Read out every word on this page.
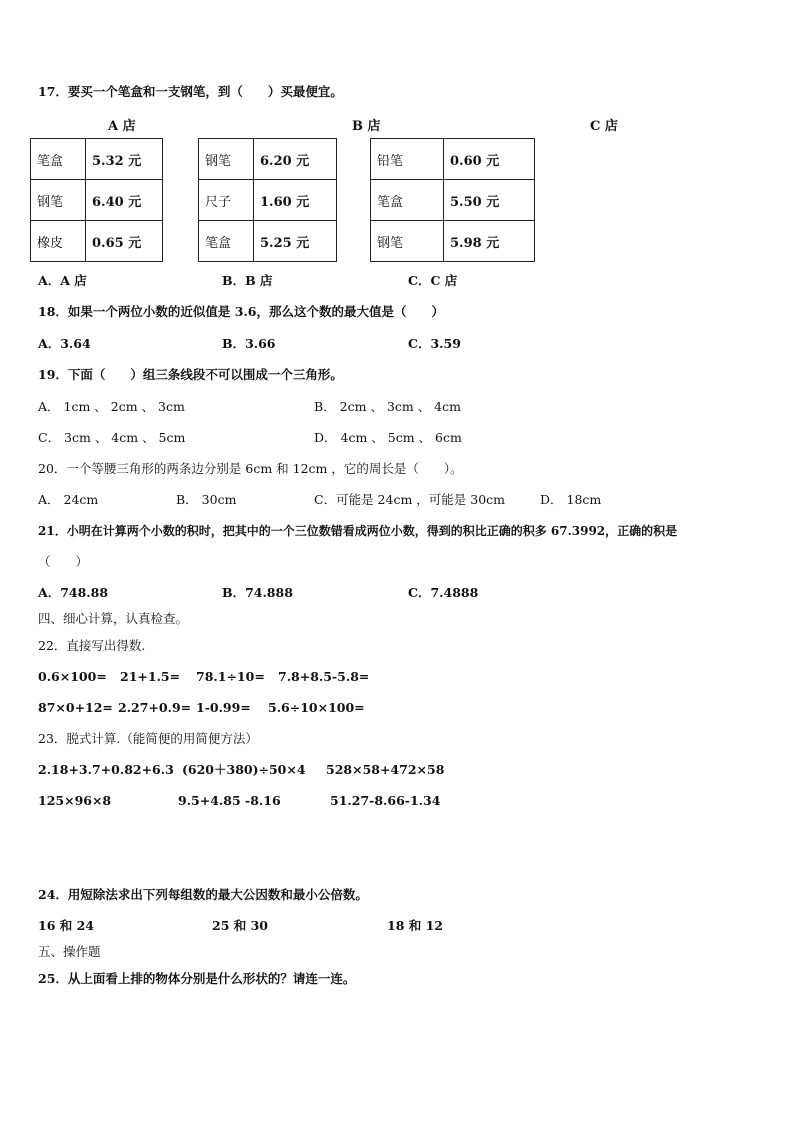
17．要买一个笔盒和一支钢笔，到（　　）买最便宜。
A 店	B 店	C 店
笔盒	5.32 元
钢笔	6.40 元
橡皮	0.65 元
钢笔	6.20 元
尺子	1.60 元
笔盒	5.25 元
铅笔	0.60 元
笔盒	5.50 元
钢笔	5.98 元
A．A 店	B．B 店	C．C 店
18．如果一个两位小数的近似值是 3.6，那么这个数的最大值是（　　）
A．3.64	B．3.66	C．3.59
19．下面（　　）组三条线段不可以围成一个三角形。
A． 1cm 、 2cm 、 3cm	B． 2cm 、 3cm 、 4cm
C． 3cm 、 4cm 、 5cm	D． 4cm 、 5cm 、 6cm
20．一个等腰三角形的两条边分别是 6cm 和 12cm ，它的周长是（　　）。
A． 24cm	B． 30cm	C．可能是 24cm ，可能是 30cm	D． 18cm
21．小明在计算两个小数的积时，把其中的一个三位数错看成两位小数，得到的积比正确的积多 67.3992，正确的积是
（　　）
A．748.88	B．74.888	C．7.4888
四、细心计算，认真检查。
22．直接写出得数.
0.6×100= 21+1.5= 78.1÷10= 7.8+8.5-5.8=
87×0+12= 2.27+0.9= 1-0.99= 5.6÷10×100=
23．脱式计算.（能简便的用简便方法）
2.18+3.7+0.82+6.3 (620＋380)÷50×4 528×58+472×58
125×96×8	9.5+4.85 -8.16	51.27-8.66-1.34
24．用短除法求出下列每组数的最大公因数和最小公倍数。
16 和 24	25 和 30	18 和 12
五、操作题
25．从上面看上排的物体分别是什么形状的？请连一连。
